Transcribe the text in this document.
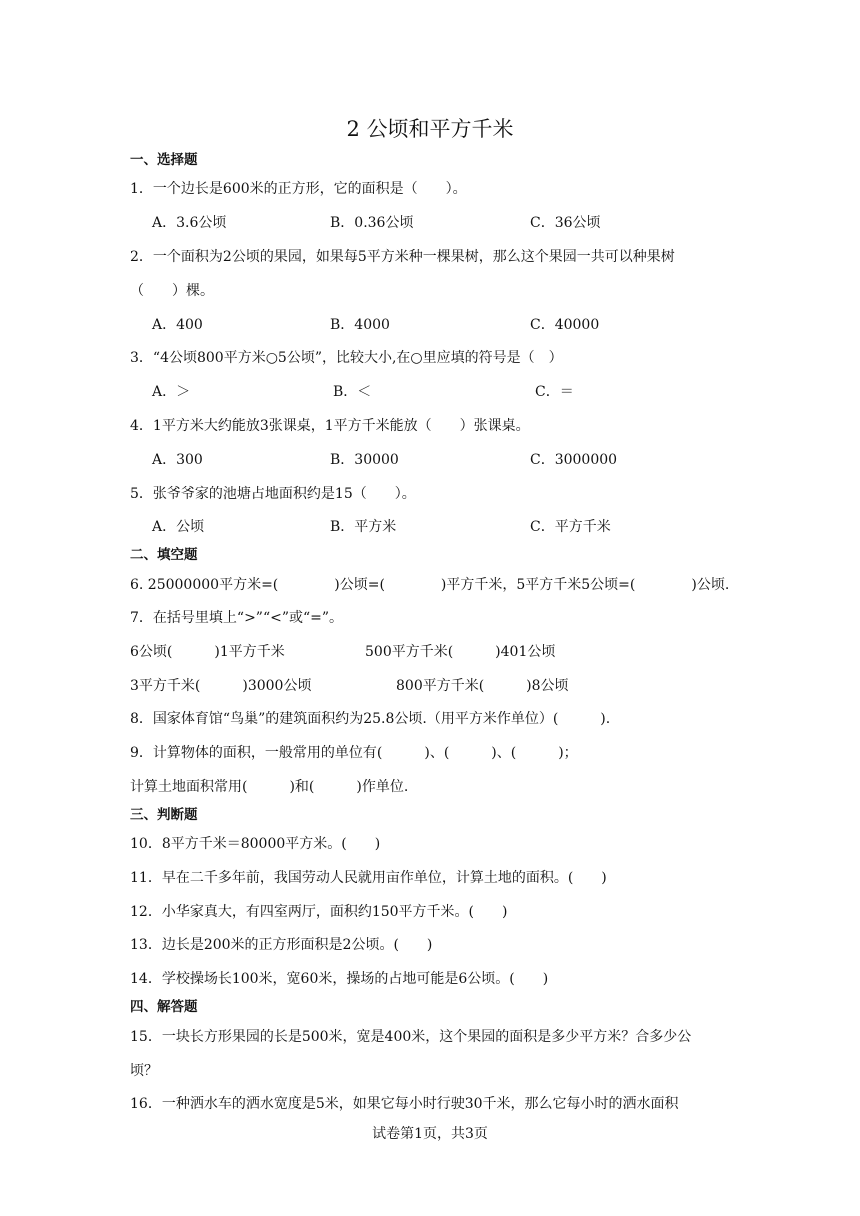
2 公顷和平方千米
一、选择题
1．一个边长是600米的正方形，它的面积是（　　）。
A．3.6公顷	B．0.36公顷	C．36公顷
2．一个面积为2公顷的果园，如果每5平方米种一棵果树，那么这个果园一共可以种果树
（　　）棵。
A．400	B．4000	C．40000
3．“4公顷800平方米○5公顷”，比较大小,在○里应填的符号是（　）
A．＞	B．＜	C．＝
4．1平方米大约能放3张课桌，1平方千米能放（　　）张课桌。
A．300	B．30000	C．3000000
5．张爷爷家的池塘占地面积约是15（　　）。
A．公顷	B．平方米	C．平方千米
二、填空题
6. 25000000平方米=(　　　　)公顷=(　　　　)平方千米，5平方千米5公顷=(　　　　)公顷.
7．在括号里填上“>”“<”或“=”。
6公顷(　　　)1平方千米	500平方千米(　　　)401公顷
3平方千米(　　　)3000公顷	800平方千米(　　　)8公顷
8．国家体育馆“鸟巢”的建筑面积约为25.8公顷.（用平方米作单位）(　　　).
9．计算物体的面积，一般常用的单位有(　　　)、(　　　)、(　　　)；
计算土地面积常用(　　　)和(　　　)作单位.
三、判断题
10．8平方千米＝80000平方米。(　　)
11．早在二千多年前，我国劳动人民就用亩作单位，计算土地的面积。(　　)
12．小华家真大，有四室两厅，面积约150平方千米。(　　)
13．边长是200米的正方形面积是2公顷。(　　)
14．学校操场长100米，宽60米，操场的占地可能是6公顷。(　　)
四、解答题
15．一块长方形果园的长是500米，宽是400米，这个果园的面积是多少平方米？合多少公
顷？
16．一种洒水车的洒水宽度是5米，如果它每小时行驶30千米，那么它每小时的洒水面积
试卷第1页，共3页
